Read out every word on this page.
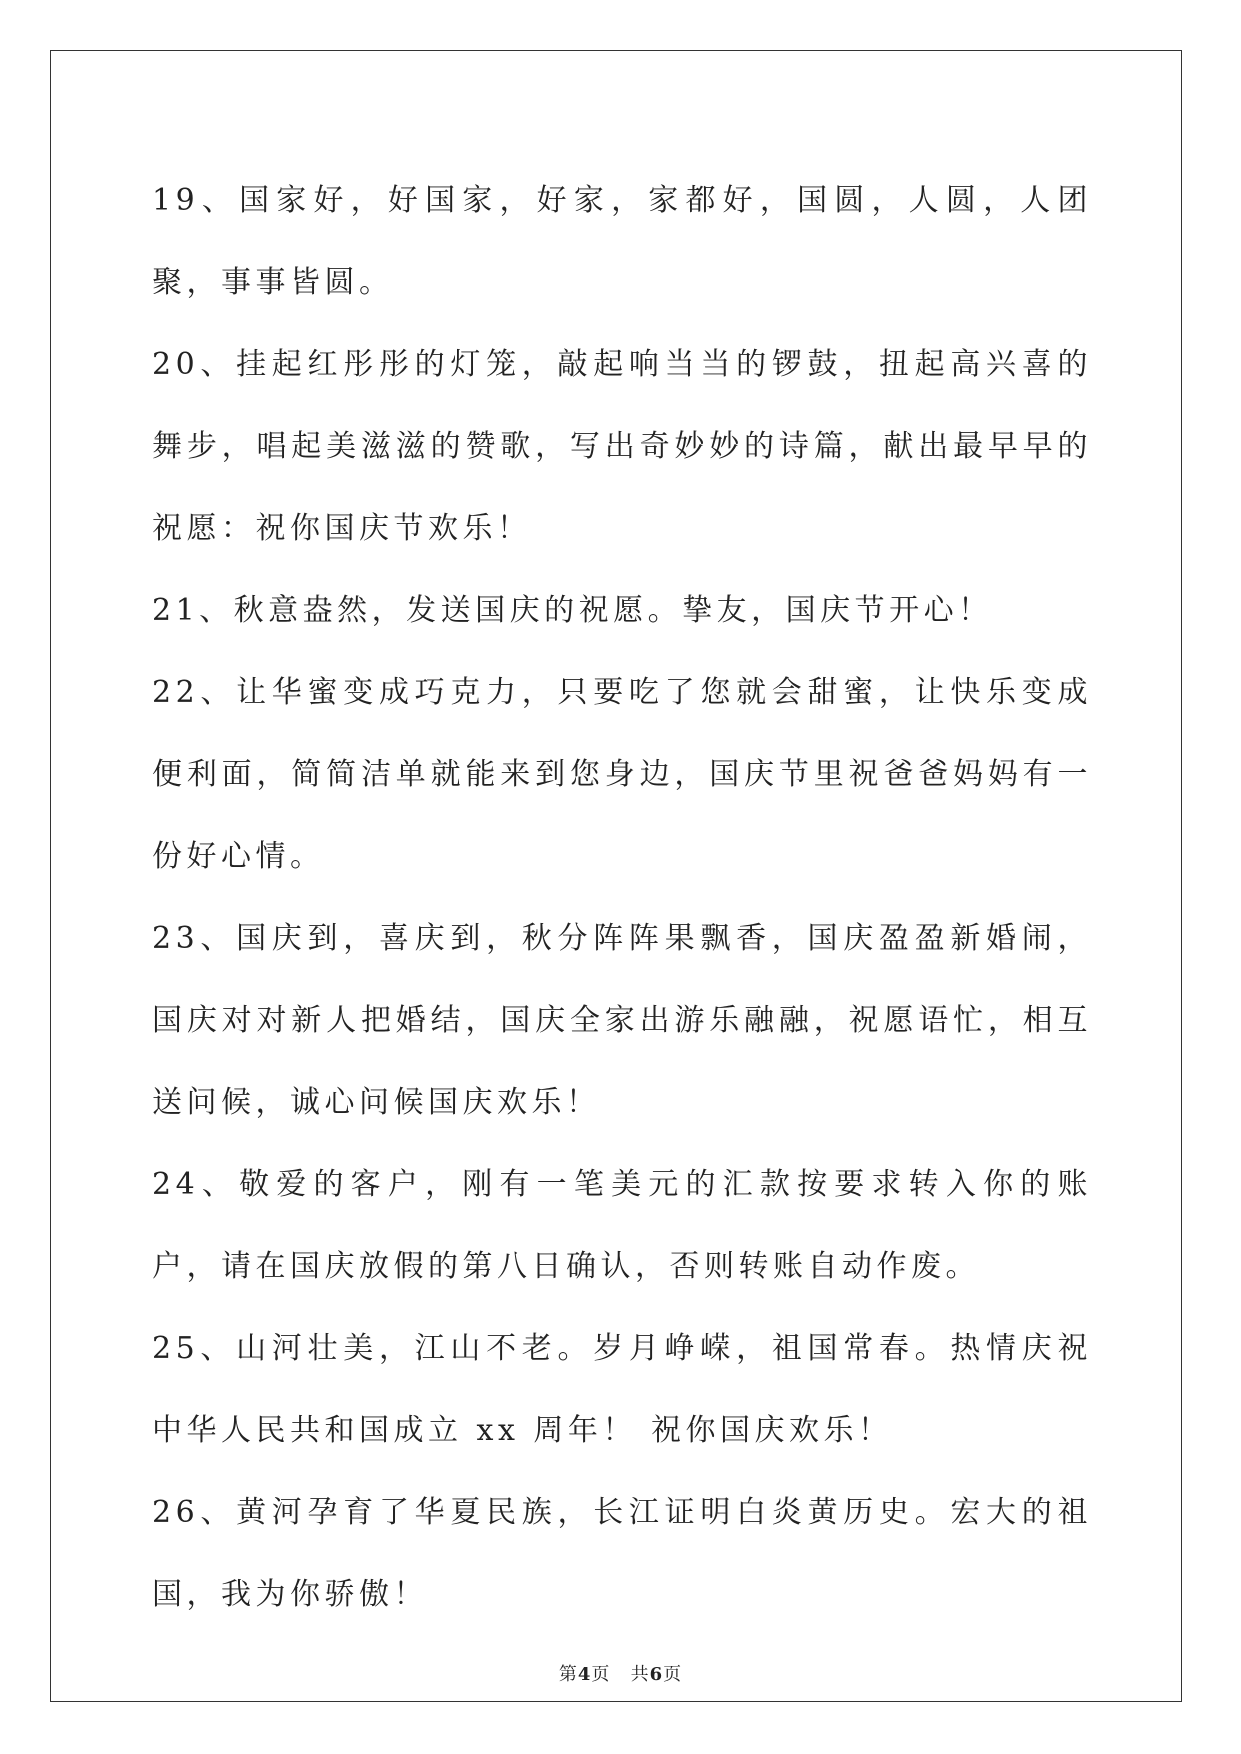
19、国家好，好国家，好家，家都好，国圆，人圆，人团聚，事事皆圆。

20、挂起红彤彤的灯笼，敲起响当当的锣鼓，扭起高兴喜的舞步，唱起美滋滋的赞歌，写出奇妙妙的诗篇，献出最早早的祝愿：祝你国庆节欢乐！

21、秋意盎然，发送国庆的祝愿。挚友，国庆节开心！

22、让华蜜变成巧克力，只要吃了您就会甜蜜，让快乐变成便利面，简简洁单就能来到您身边，国庆节里祝爸爸妈妈有一份好心情。

23、国庆到，喜庆到，秋分阵阵果飘香，国庆盈盈新婚闹，国庆对对新人把婚结，国庆全家出游乐融融，祝愿语忙，相互送问候，诚心问候国庆欢乐！

24、敬爱的客户，刚有一笔美元的汇款按要求转入你的账户，请在国庆放假的第八日确认，否则转账自动作废。

25、山河壮美，江山不老。岁月峥嵘，祖国常春。热情庆祝中华人民共和国成立 xx 周年！ 祝你国庆欢乐！

26、黄河孕育了华夏民族，长江证明白炎黄历史。宏大的祖国，我为你骄傲！

第4页 共6页
